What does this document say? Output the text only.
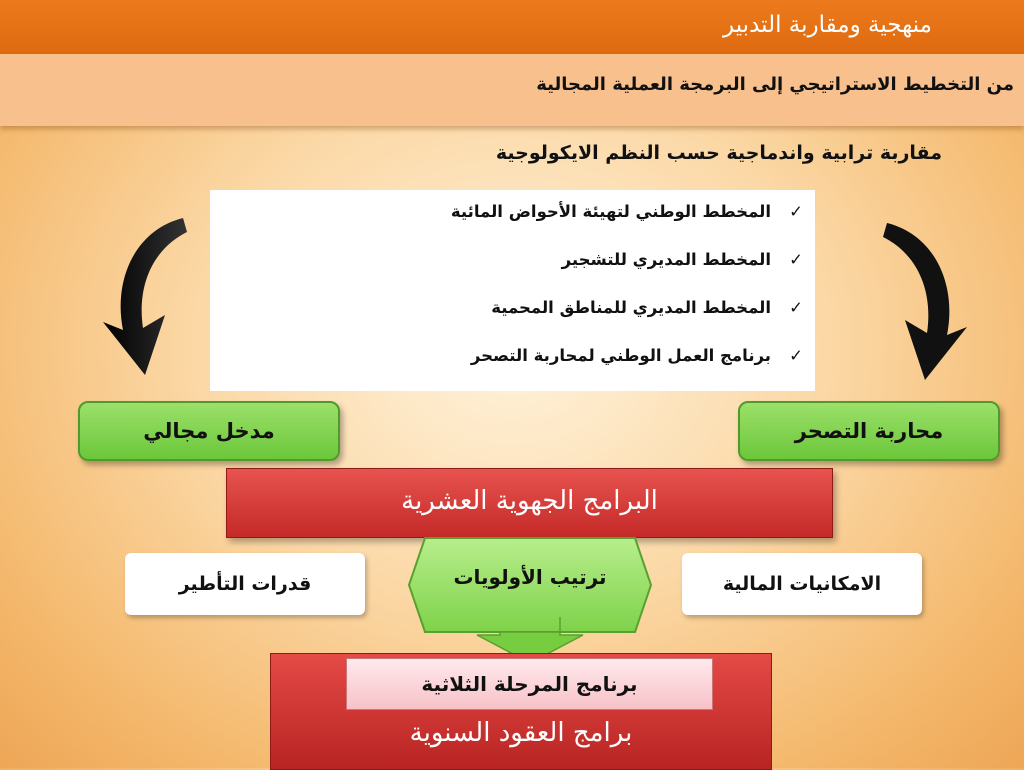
منهجية ومقاربة التدبير
من التخطيط الاستراتيجي إلى البرمجة العملية المجالية
مقاربة ترابية واندماجية حسب النظم الايكولوجية
✓المخطط الوطني لتهيئة الأحواض المائية
✓المخطط المديري للتشجير
✓المخطط المديري للمناطق المحمية
✓برنامج العمل الوطني لمحاربة التصحر
مدخل مجالي	محاربة التصحر
البرامج الجهوية العشرية
قدرات التأطير	الامكانيات المالية
ترتيب الأولويات
برنامج المرحلة الثلاثية
برامج العقود السنوية
